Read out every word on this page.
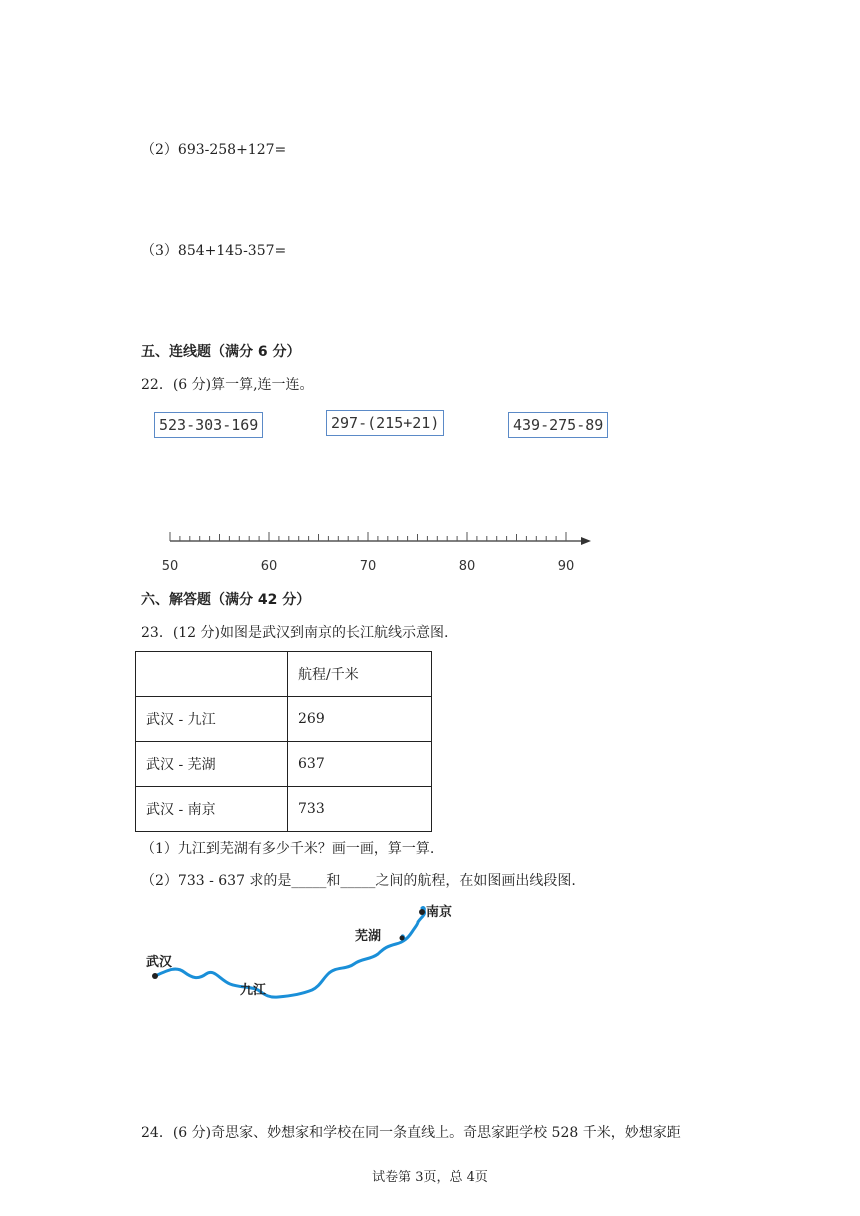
（2）693-258+127=
（3）854+145-357=
五、连线题（满分 6 分）
22．(6 分)算一算,连一连。
523-303-169	297-(215+21)	439-275-89
50	60	70	80	90
六、解答题（满分 42 分）
23．(12 分)如图是武汉到南京的长江航线示意图.
	航程/千米
武汉 - 九江	269
武汉 - 芜湖	637
武汉 - 南京	733
（1）九江到芜湖有多少千米？画一画，算一算.
（2）733 - 637 求的是_____和_____之间的航程，在如图画出线段图.
武汉
九江
芜湖
南京
24．(6 分)奇思家、妙想家和学校在同一条直线上。奇思家距学校 528 千米，妙想家距
试卷第 3页，总 4页
